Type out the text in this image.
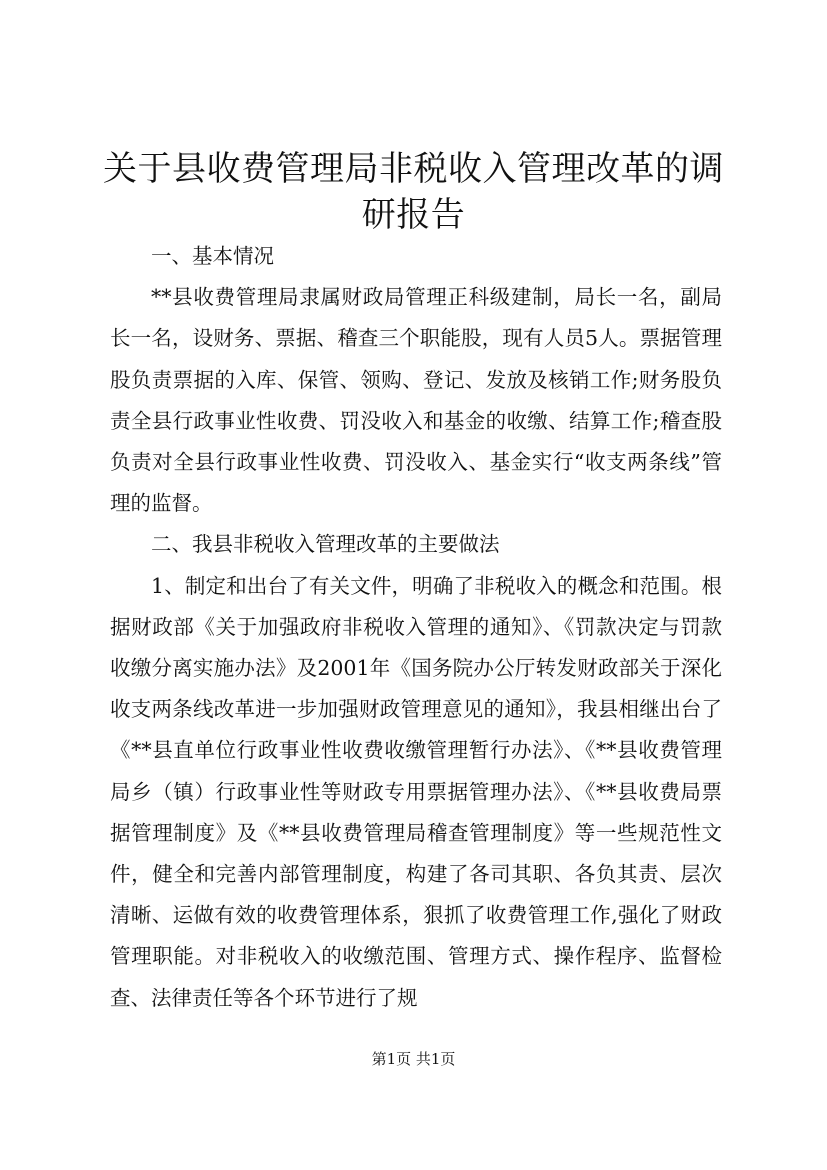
关于县收费管理局非税收入管理改革的调研报告

一、基本情况

**县收费管理局隶属财政局管理正科级建制，局长一名，副局长一名，设财务、票据、稽查三个职能股，现有人员5人。票据管理股负责票据的入库、保管、领购、登记、发放及核销工作;财务股负责全县行政事业性收费、罚没收入和基金的收缴、结算工作;稽查股负责对全县行政事业性收费、罚没收入、基金实行“收支两条线”管理的监督。

二、我县非税收入管理改革的主要做法

1、制定和出台了有关文件，明确了非税收入的概念和范围。根据财政部《关于加强政府非税收入管理的通知》、《罚款决定与罚款收缴分离实施办法》及2001年《国务院办公厅转发财政部关于深化收支两条线改革进一步加强财政管理意见的通知》，我县相继出台了《**县直单位行政事业性收费收缴管理暂行办法》、《**县收费管理局乡（镇）行政事业性等财政专用票据管理办法》、《**县收费局票据管理制度》及《**县收费管理局稽查管理制度》等一些规范性文件，健全和完善内部管理制度，构建了各司其职、各负其责、层次清晰、运做有效的收费管理体系，狠抓了收费管理工作,强化了财政管理职能。对非税收入的收缴范围、管理方式、操作程序、监督检查、法律责任等各个环节进行了规

第1页 共1页
